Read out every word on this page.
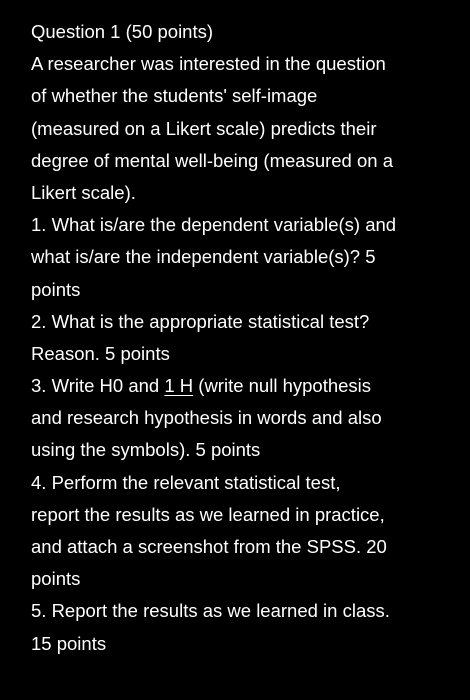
Question 1 (50 points)
A researcher was interested in the question
of whether the students' self-image
(measured on a Likert scale) predicts their
degree of mental well-being (measured on a
Likert scale).
1. What is/are the dependent variable(s) and
what is/are the independent variable(s)? 5
points
2. What is the appropriate statistical test?
Reason. 5 points
3. Write H0 and 1 H (write null hypothesis
and research hypothesis in words and also
using the symbols). 5 points
4. Perform the relevant statistical test,
report the results as we learned in practice,
and attach a screenshot from the SPSS. 20
points
5. Report the results as we learned in class.
15 points
